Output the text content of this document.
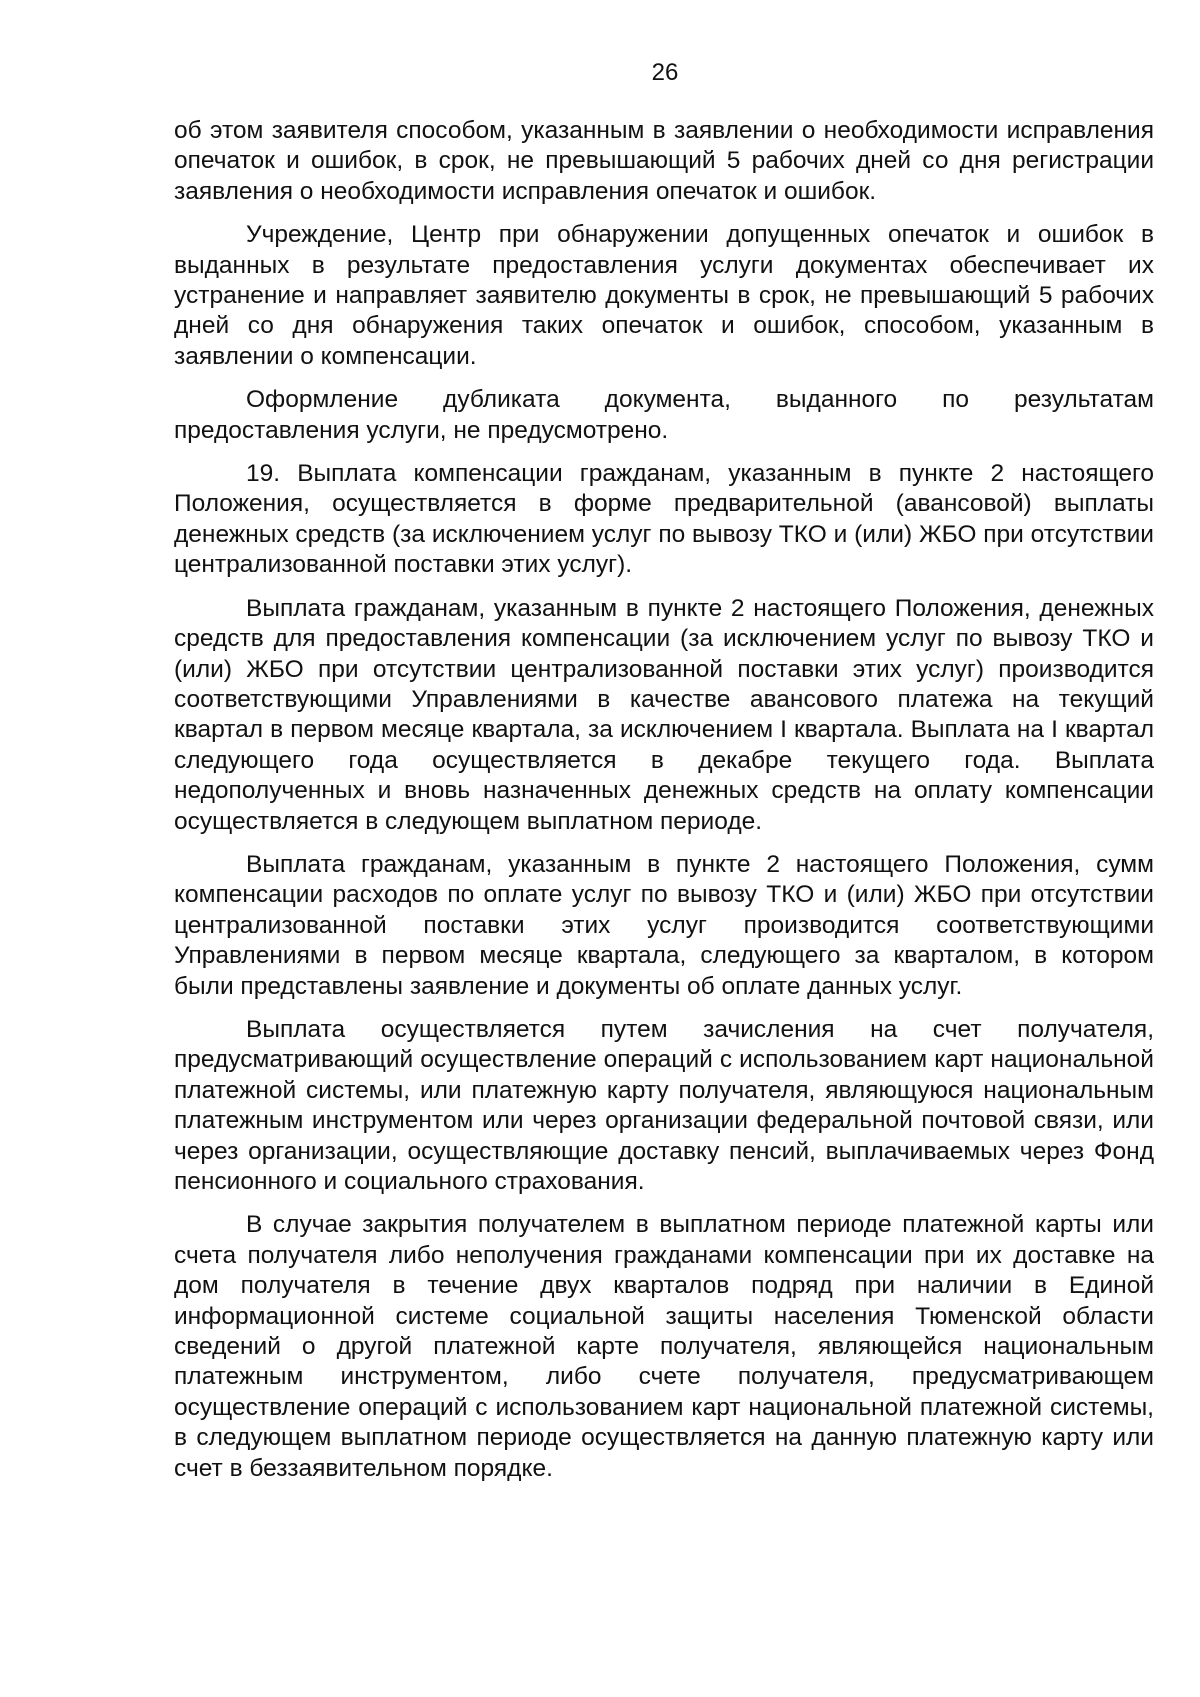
26

об этом заявителя способом, указанным в заявлении о необходимости исправления опечаток и ошибок, в срок, не превышающий 5 рабочих дней со дня регистрации заявления о необходимости исправления опечаток и ошибок.

Учреждение, Центр при обнаружении допущенных опечаток и ошибок в выданных в результате предоставления услуги документах обеспечивает их устранение и направляет заявителю документы в срок, не превышающий 5 рабочих дней со дня обнаружения таких опечаток и ошибок, способом, указанным в заявлении о компенсации.

Оформление дубликата документа, выданного по результатам предоставления услуги, не предусмотрено.

19. Выплата компенсации гражданам, указанным в пункте 2 настоящего Положения, осуществляется в форме предварительной (авансовой) выплаты денежных средств (за исключением услуг по вывозу ТКО и (или) ЖБО при отсутствии централизованной поставки этих услуг).

Выплата гражданам, указанным в пункте 2 настоящего Положения, денежных средств для предоставления компенсации (за исключением услуг по вывозу ТКО и (или) ЖБО при отсутствии централизованной поставки этих услуг) производится соответствующими Управлениями в качестве авансового платежа на текущий квартал в первом месяце квартала, за исключением I квартала. Выплата на I квартал следующего года осуществляется в декабре текущего года. Выплата недополученных и вновь назначенных денежных средств на оплату компенсации осуществляется в следующем выплатном периоде.

Выплата гражданам, указанным в пункте 2 настоящего Положения, сумм компенсации расходов по оплате услуг по вывозу ТКО и (или) ЖБО при отсутствии централизованной поставки этих услуг производится соответствующими Управлениями в первом месяце квартала, следующего за кварталом, в котором были представлены заявление и документы об оплате данных услуг.

Выплата осуществляется путем зачисления на счет получателя, предусматривающий осуществление операций с использованием карт национальной платежной системы, или платежную карту получателя, являющуюся национальным платежным инструментом или через организации федеральной почтовой связи, или через организации, осуществляющие доставку пенсий, выплачиваемых через Фонд пенсионного и социального страхования.

В случае закрытия получателем в выплатном периоде платежной карты или счета получателя либо неполучения гражданами компенсации при их доставке на дом получателя в течение двух кварталов подряд при наличии в Единой информационной системе социальной защиты населения Тюменской области сведений о другой платежной карте получателя, являющейся национальным платежным инструментом, либо счете получателя, предусматривающем осуществление операций с использованием карт национальной платежной системы, в следующем выплатном периоде осуществляется на данную платежную карту или счет в беззаявительном порядке.
